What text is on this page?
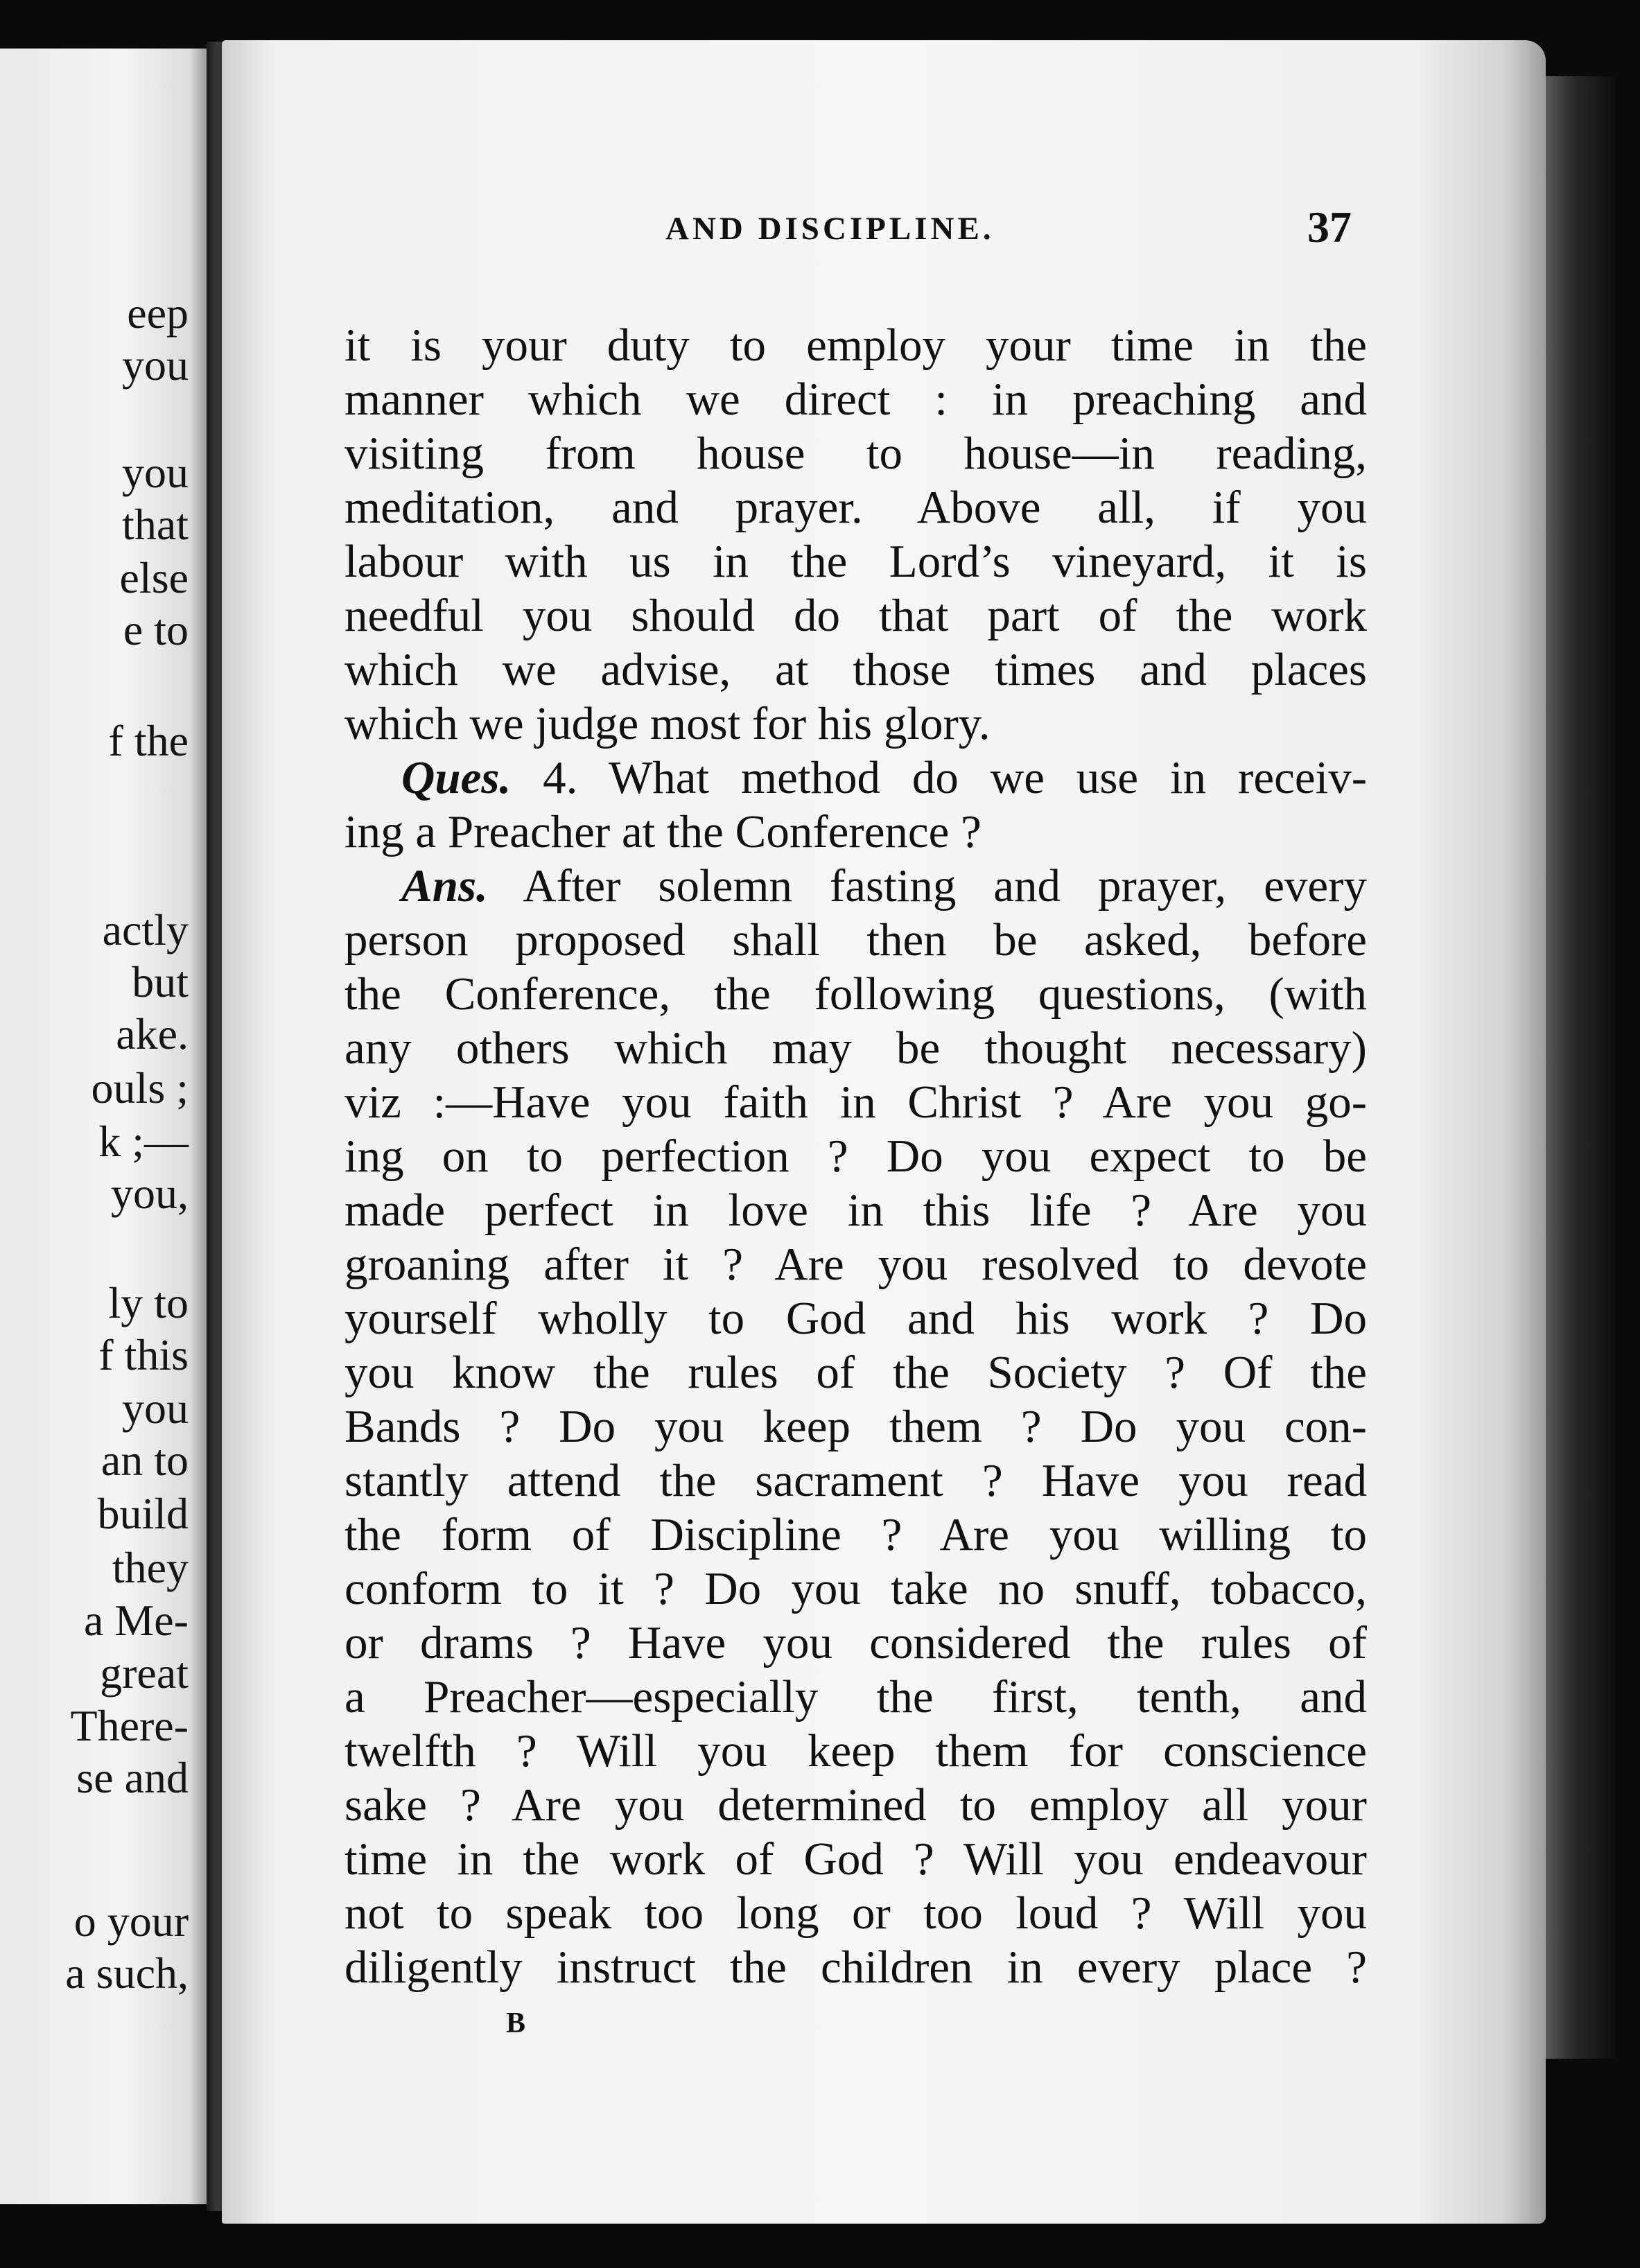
eep
you
you
that
else
e to
f the
actly
but
ake.
ouls ;
k ;—
you,
ly to
f this
you
an to
build
they
a Me-
great
There-
se and
o your
a such,
AND DISCIPLINE.	37
it is your duty to employ your time in the
manner which we direct : in preaching and
visiting from house to house—in reading,
meditation, and prayer. Above all, if you
labour with us in the Lord’s vineyard, it is
needful you should do that part of the work
which we advise, at those times and places
which we judge most for his glory.
Ques. 4. What method do we use in receiv-
ing a Preacher at the Conference ?
Ans. After solemn fasting and prayer, every
person proposed shall then be asked, before
the Conference, the following questions, (with
any others which may be thought necessary)
viz :—Have you faith in Christ ? Are you go-
ing on to perfection ? Do you expect to be
made perfect in love in this life ? Are you
groaning after it ? Are you resolved to devote
yourself wholly to God and his work ? Do
you know the rules of the Society ? Of the
Bands ? Do you keep them ? Do you con-
stantly attend the sacrament ? Have you read
the form of Discipline ? Are you willing to
conform to it ? Do you take no snuff, tobacco,
or drams ? Have you considered the rules of
a Preacher—especially the first, tenth, and
twelfth ? Will you keep them for conscience
sake ? Are you determined to employ all your
time in the work of God ? Will you endeavour
not to speak too long or too loud ? Will you
diligently instruct the children in every place ?
B
